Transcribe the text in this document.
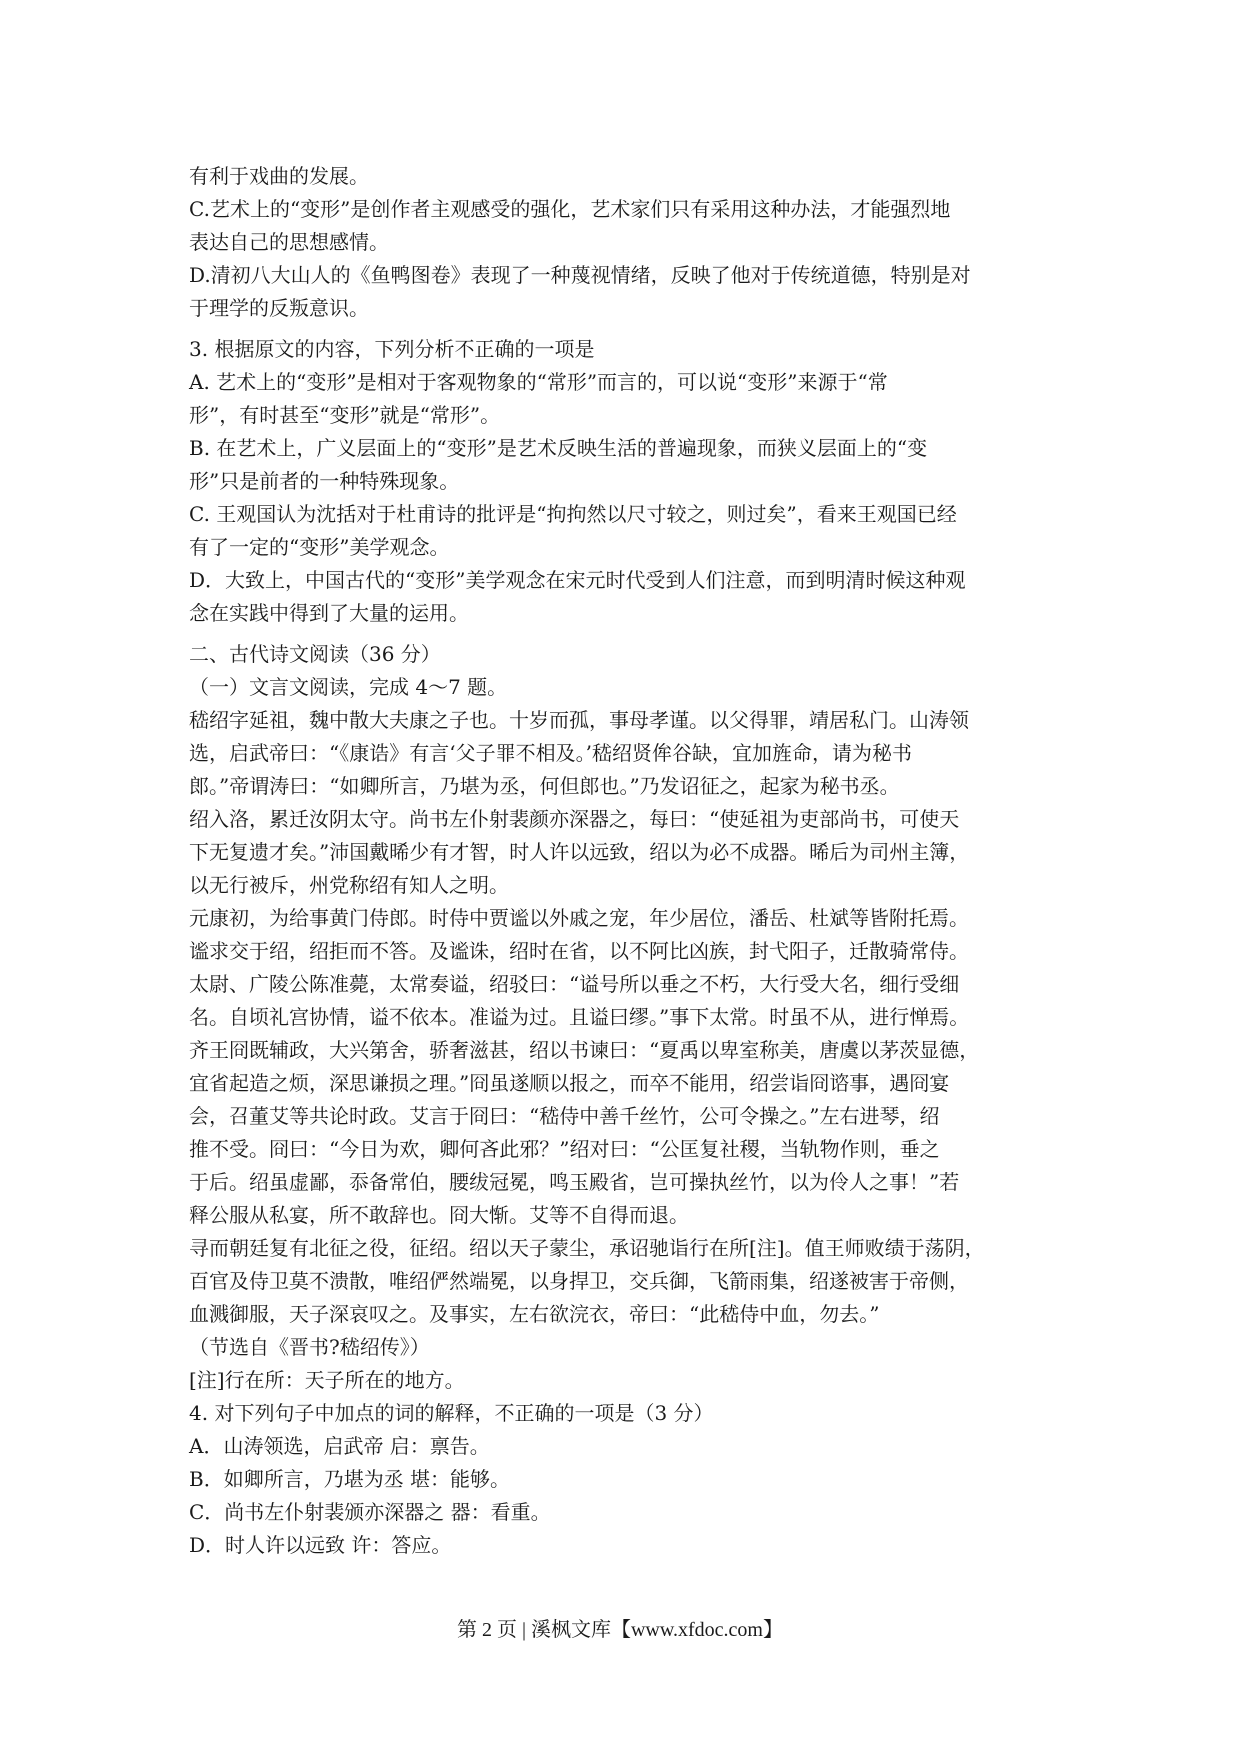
有利于戏曲的发展。
C.艺术上的“变形”是创作者主观感受的强化，艺术家们只有采用这种办法，才能强烈地
表达自己的思想感情。
D.清初八大山人的《鱼鸭图卷》表现了一种蔑视情绪，反映了他对于传统道德，特别是对
于理学的反叛意识。
3. 根据原文的内容，下列分析不正确的一项是
A. 艺术上的“变形”是相对于客观物象的“常形”而言的，可以说“变形”来源于“常
形”，有时甚至“变形”就是“常形”。
B. 在艺术上，广义层面上的“变形”是艺术反映生活的普遍现象，而狭义层面上的“变
形”只是前者的一种特殊现象。
C. 王观国认为沈括对于杜甫诗的批评是“拘拘然以尺寸较之，则过矣”，看来王观国已经
有了一定的“变形”美学观念。
D．大致上，中国古代的“变形”美学观念在宋元时代受到人们注意，而到明清时候这种观
念在实践中得到了大量的运用。
二、古代诗文阅读（36 分）
（一）文言文阅读，完成 4～7 题。
嵇绍字延祖，魏中散大夫康之子也。十岁而孤，事母孝谨。以父得罪，靖居私门。山涛领
选，启武帝曰：“《康诰》有言‘父子罪不相及。’嵇绍贤侔谷缺，宜加旌命，请为秘书
郎。”帝谓涛曰：“如卿所言，乃堪为丞，何但郎也。”乃发诏征之，起家为秘书丞。
绍入洛，累迁汝阴太守。尚书左仆射裴颜亦深器之，每曰：“使延祖为吏部尚书，可使天
下无复遗才矣。”沛国戴晞少有才智，时人许以远致，绍以为必不成器。晞后为司州主簿，
以无行被斥，州党称绍有知人之明。
元康初，为给事黄门侍郎。时侍中贾谧以外戚之宠，年少居位，潘岳、杜斌等皆附托焉。
谧求交于绍，绍拒而不答。及谧诛，绍时在省，以不阿比凶族，封弋阳子，迁散骑常侍。
太尉、广陵公陈准薨，太常奏谥，绍驳曰：“谥号所以垂之不朽，大行受大名，细行受细
名。自顷礼宫协情，谥不依本。准谥为过。且谥曰缪。”事下太常。时虽不从，进行惮焉。
齐王冏既辅政，大兴第舍，骄奢滋甚，绍以书谏曰：“夏禹以卑室称美，唐虞以茅茨显德，
宜省起造之烦，深思谦损之理。”冏虽遂顺以报之，而卒不能用，绍尝诣冏谘事，遇冏宴
会，召董艾等共论时政。艾言于冏曰：“嵇侍中善千丝竹，公可令操之。”左右进琴，绍
推不受。冏曰：“今日为欢，卿何吝此邪？”绍对曰：“公匡复社稷，当轨物作则，垂之
于后。绍虽虚鄙，忝备常伯，腰绂冠冕，鸣玉殿省，岂可操执丝竹，以为伶人之事！”若
释公服从私宴，所不敢辞也。冏大惭。艾等不自得而退。
寻而朝廷复有北征之役，征绍。绍以天子蒙尘，承诏驰诣行在所[注]。值王师败绩于荡阴，
百官及侍卫莫不溃散，唯绍俨然端冕，以身捍卫，交兵御，飞箭雨集，绍遂被害于帝侧，
血溅御服，天子深哀叹之。及事实，左右欲浣衣，帝曰：“此嵇侍中血，勿去。”
（节选自《晋书?嵇绍传》）
[注]行在所：天子所在的地方。
4. 对下列句子中加点的词的解释，不正确的一项是（3 分）
A．山涛领选，启武帝 启：禀告。
B．如卿所言，乃堪为丞 堪：能够。
C．尚书左仆射裴颁亦深器之 器：看重。
D．时人许以远致 许：答应。
第 2 页 | 溪枫文库【www.xfdoc.com】
